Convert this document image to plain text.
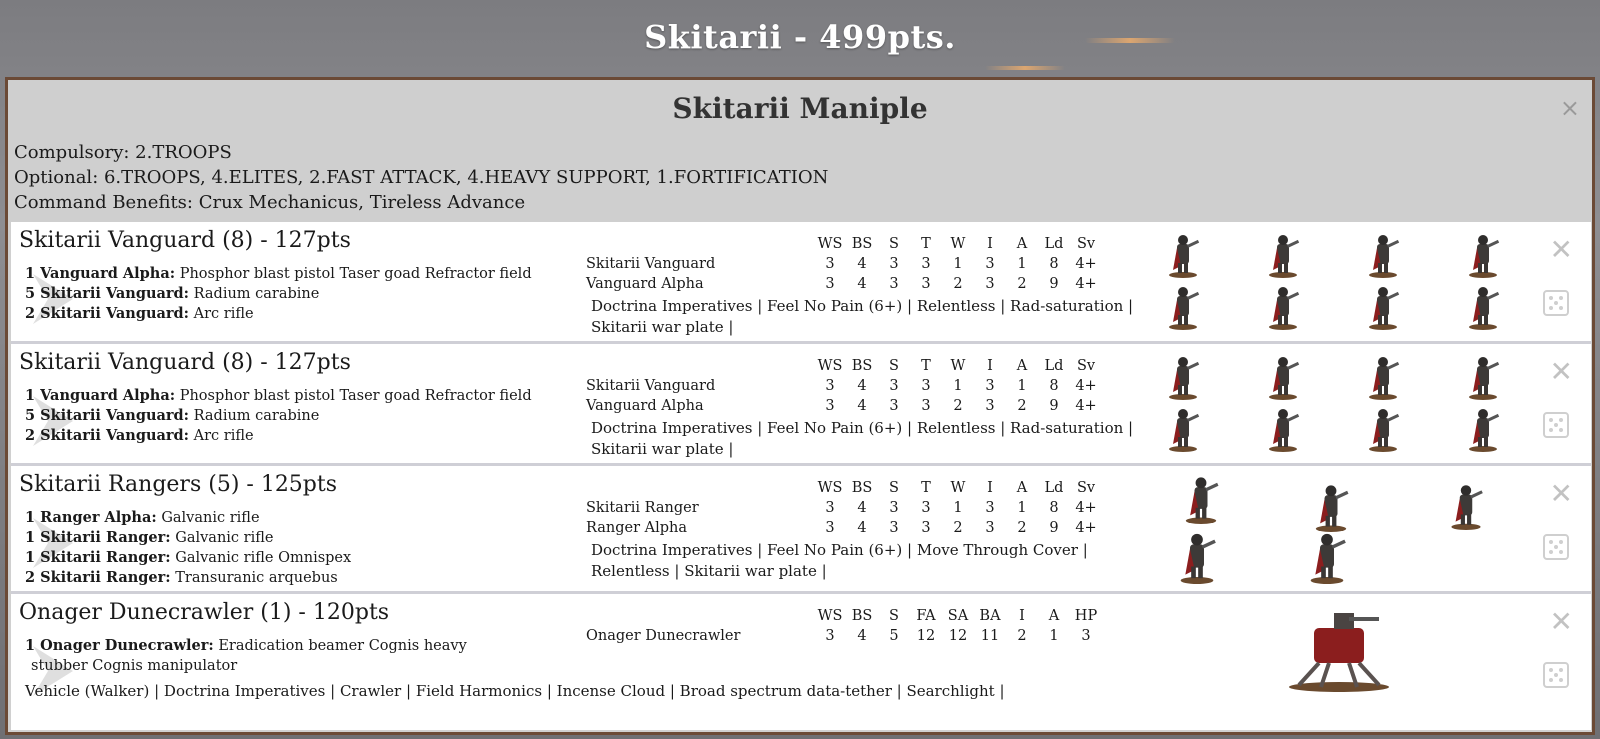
Skitarii - 499pts.
Skitarii Maniple	×
Compulsory: 2.TROOPS
Optional: 6.TROOPS, 4.ELITES, 2.FAST ATTACK, 4.HEAVY SUPPORT, 1.FORTIFICATION
Command Benefits: Crux Mechanicus, Tireless Advance
Skitarii Vanguard (8) - 127pts
1 Vanguard Alpha: Phosphor blast pistol Taser goad Refractor field
5 Skitarii Vanguard: Radium carabine
2 Skitarii Vanguard: Arc rifle
	WS	BS	S	T	W	I	A	Ld	Sv
Skitarii Vanguard	3	4	3	3	1	3	1	8	4+
Vanguard Alpha	3	4	3	3	2	3	2	9	4+
Doctrina Imperatives | Feel No Pain (6+) | Relentless | Rad-saturation |
Skitarii war plate |
✕
Skitarii Vanguard (8) - 127pts
1 Vanguard Alpha: Phosphor blast pistol Taser goad Refractor field
5 Skitarii Vanguard: Radium carabine
2 Skitarii Vanguard: Arc rifle
	WS	BS	S	T	W	I	A	Ld	Sv
Skitarii Vanguard	3	4	3	3	1	3	1	8	4+
Vanguard Alpha	3	4	3	3	2	3	2	9	4+
Doctrina Imperatives | Feel No Pain (6+) | Relentless | Rad-saturation |
Skitarii war plate |
✕
Skitarii Rangers (5) - 125pts
1 Ranger Alpha: Galvanic rifle
1 Skitarii Ranger: Galvanic rifle
1 Skitarii Ranger: Galvanic rifle Omnispex
2 Skitarii Ranger: Transuranic arquebus
	WS	BS	S	T	W	I	A	Ld	Sv
Skitarii Ranger	3	4	3	3	1	3	1	8	4+
Ranger Alpha	3	4	3	3	2	3	2	9	4+
Doctrina Imperatives | Feel No Pain (6+) | Move Through Cover |
Relentless | Skitarii war plate |
✕
Onager Dunecrawler (1) - 120pts
1 Onager Dunecrawler: Eradication beamer Cognis heavy
stubber Cognis manipulator
	WS	BS	S	FA	SA	BA	I	A	HP
Onager Dunecrawler	3	4	5	12	12	11	2	1	3
Vehicle (Walker) | Doctrina Imperatives | Crawler | Field Harmonics | Incense Cloud | Broad spectrum data-tether | Searchlight |
✕
